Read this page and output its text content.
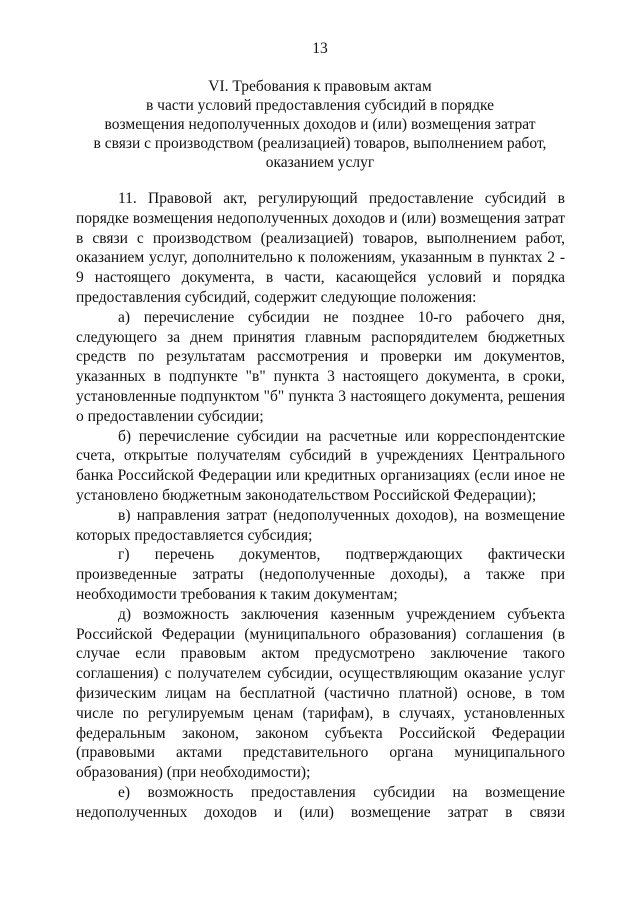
13
VI. Требования к правовым актам
в части условий предоставления субсидий в порядке
возмещения недополученных доходов и (или) возмещения затрат
в связи с производством (реализацией) товаров, выполнением работ,
оказанием услуг

11. Правовой акт, регулирующий предоставление субсидий в порядке возмещения недополученных доходов и (или) возмещения затрат в связи с производством (реализацией) товаров, выполнением работ, оказанием услуг, дополнительно к положениям, указанным в пунктах 2 - 9 настоящего документа, в части, касающейся условий и порядка предоставления субсидий, содержит следующие положения:

а) перечисление субсидии не позднее 10-го рабочего дня, следующего за днем принятия главным распорядителем бюджетных средств по результатам рассмотрения и проверки им документов, указанных в подпункте "в" пункта 3 настоящего документа, в сроки, установленные подпунктом "б" пункта 3 настоящего документа, решения о предоставлении субсидии;

б) перечисление субсидии на расчетные или корреспондентские счета, открытые получателям субсидий в учреждениях Центрального банка Российской Федерации или кредитных организациях (если иное не установлено бюджетным законодательством Российской Федерации);

в) направления затрат (недополученных доходов), на возмещение которых предоставляется субсидия;

г) перечень документов, подтверждающих фактически произведенные затраты (недополученные доходы), а также при необходимости требования к таким документам;

д) возможность заключения казенным учреждением субъекта Российской Федерации (муниципального образования) соглашения (в случае если правовым актом предусмотрено заключение такого соглашения) с получателем субсидии, осуществляющим оказание услуг физическим лицам на бесплатной (частично платной) основе, в том числе по регулируемым ценам (тарифам), в случаях, установленных федеральным законом, законом субъекта Российской Федерации (правовыми актами представительного органа муниципального образования) (при необходимости);

е) возможность предоставления субсидии на возмещение недополученных доходов и (или) возмещение затрат в связи
